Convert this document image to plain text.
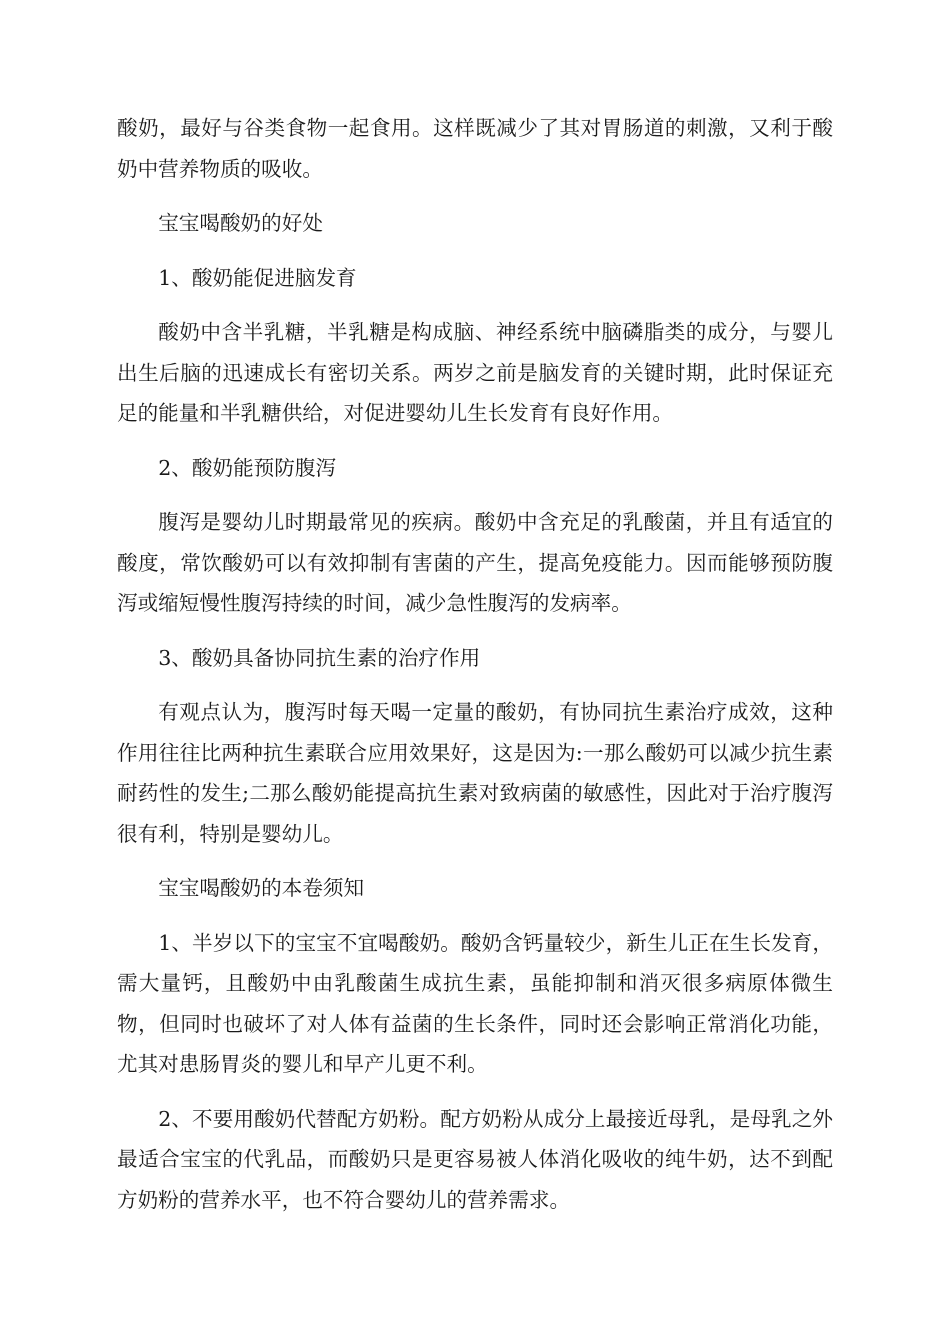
酸奶，最好与谷类食物一起食用。这样既减少了其对胃肠道的刺激，又利于酸奶中营养物质的吸收。

宝宝喝酸奶的好处

1、酸奶能促进脑发育

酸奶中含半乳糖，半乳糖是构成脑、神经系统中脑磷脂类的成分，与婴儿出生后脑的迅速成长有密切关系。两岁之前是脑发育的关键时期，此时保证充足的能量和半乳糖供给，对促进婴幼儿生长发育有良好作用。

2、酸奶能预防腹泻

腹泻是婴幼儿时期最常见的疾病。酸奶中含充足的乳酸菌，并且有适宜的酸度，常饮酸奶可以有效抑制有害菌的产生，提高免疫能力。因而能够预防腹泻或缩短慢性腹泻持续的时间，减少急性腹泻的发病率。

3、酸奶具备协同抗生素的治疗作用

有观点认为，腹泻时每天喝一定量的酸奶，有协同抗生素治疗成效，这种作用往往比两种抗生素联合应用效果好，这是因为:一那么酸奶可以减少抗生素耐药性的发生;二那么酸奶能提高抗生素对致病菌的敏感性，因此对于治疗腹泻很有利，特别是婴幼儿。

宝宝喝酸奶的本卷须知

1、半岁以下的宝宝不宜喝酸奶。酸奶含钙量较少，新生儿正在生长发育，需大量钙，且酸奶中由乳酸菌生成抗生素，虽能抑制和消灭很多病原体微生物，但同时也破坏了对人体有益菌的生长条件，同时还会影响正常消化功能，尤其对患肠胃炎的婴儿和早产儿更不利。

2、不要用酸奶代替配方奶粉。配方奶粉从成分上最接近母乳，是母乳之外最适合宝宝的代乳品，而酸奶只是更容易被人体消化吸收的纯牛奶，达不到配方奶粉的营养水平，也不符合婴幼儿的营养需求。
